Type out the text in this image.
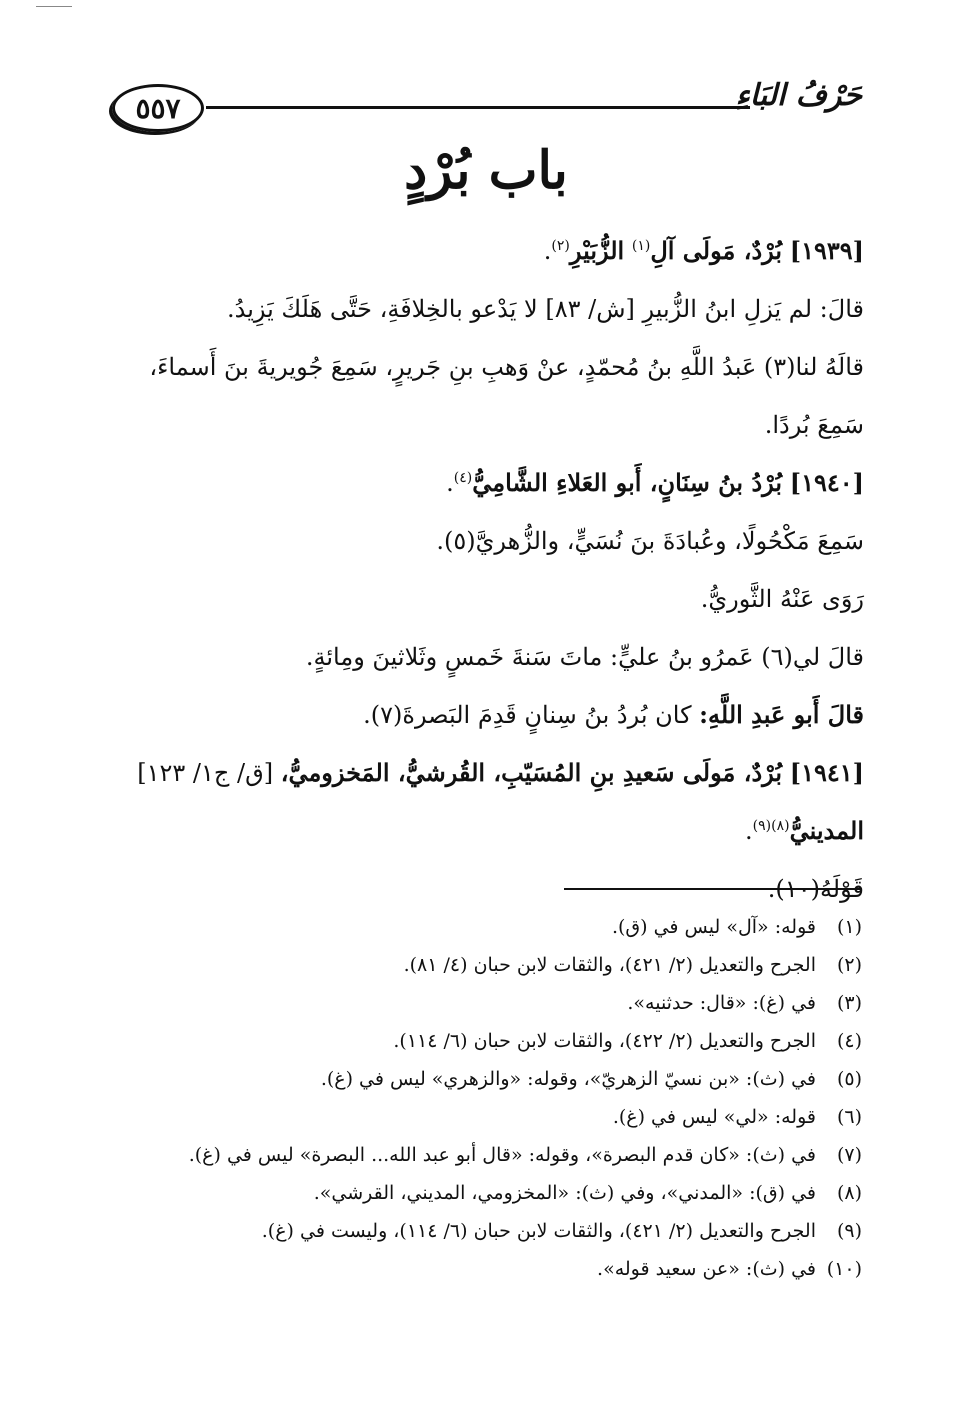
٥٥٧	حَرْفُ البَاءِ
باب بُرْدٍ

[١٩٣٩] بُرْدٌ، مَولَى آلِ$^{(١)}$ الزُّبَيْرِ$^{(٢)}$.

قالَ: لم يَزلِ ابنُ الزُّبيرِ [ش/ ٨٣] لا يَدْعو بالخِلافَةِ، حَتَّى هَلَكَ يَزِيدُ.

قالَهُ لنا(٣) عَبدُ اللَّهِ بنُ مُحمّدٍ، عنْ وَهبِ بنِ جَريرٍ، سَمِعَ جُويريةَ بنَ أَسماءَ، سَمِعَ بُردًا.

[١٩٤٠] بُرْدُ بنُ سِنَانٍ، أَبو العَلاءِ الشَّامِيُّ$^{(٤)}$.

سَمِعَ مَكْحُولًا، وعُبادَةَ بنَ نُسَيٍّ، والزُّهريَّ(٥).

رَوَى عَنْهُ الثَّوريُّ.

قالَ لي(٦) عَمرُو بنُ عليٍّ: ماتَ سَنةَ خَمسٍ وثَلاثينَ ومِائةٍ.

قالَ أَبو عَبدِ اللَّهِ: كان بُردُ بنُ سِنانٍ قَدِمَ البَصرةَ(٧).

[١٩٤١] بُرْدٌ، مَولَى سَعيدِ بنِ المُسَيّبِ، القُرشيُّ، المَخزوميُّ، [ق/ ج١/ ١٢٣] المدينيُّ$^{(٨)(٩)}$.

قَوْلَهُ(١٠).

(١)قوله: «آل» ليس في (ق).

(٢)الجرح والتعديل (٢/ ٤٢١)، والثقات لابن حبان (٤/ ٨١).

(٣)في (غ): «قال: حدثنيه».

(٤)الجرح والتعديل (٢/ ٤٢٢)، والثقات لابن حبان (٦/ ١١٤).

(٥)في (ث): «بن نسيّ الزهريّ»، وقوله: «والزهري» ليس في (غ).

(٦)قوله: «لي» ليس في (غ).

(٧)في (ث): «كان قدم البصرة»، وقوله: «قال أبو عبد الله... البصرة» ليس في (غ).

(٨)في (ق): «المدني»، وفي (ث): «المخزومي، المديني، القرشي».

(٩)الجرح والتعديل (٢/ ٤٢١)، والثقات لابن حبان (٦/ ١١٤)، وليست في (غ).

(١٠)في (ث): «عن سعيد قوله».
